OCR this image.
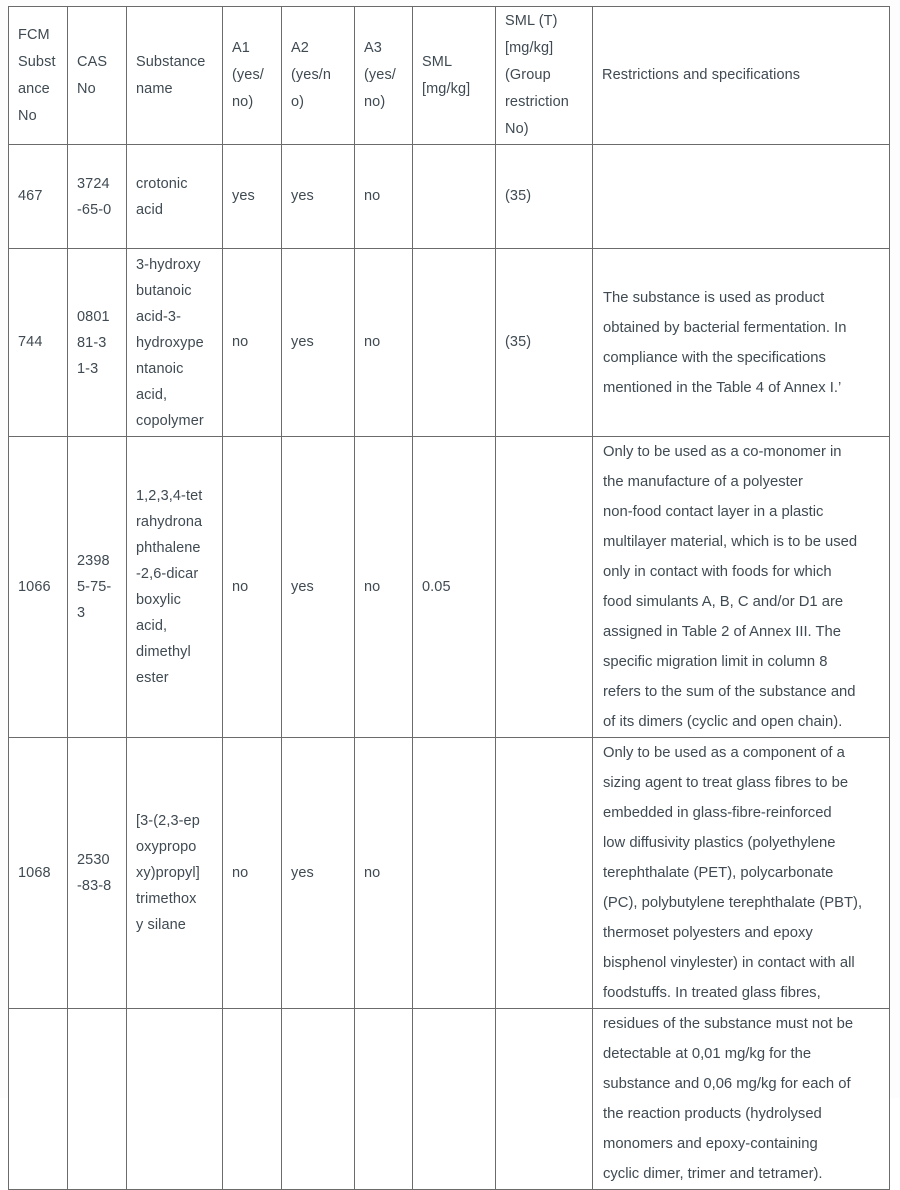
FCM
Subst
ance
No

CAS
No

Substance
name

A1
(yes/
no)

A2
(yes/n
o)

A3
(yes/
no)

SML
[mg/kg]

SML (T)
[mg/kg]
(Group
restriction
No)

Restrictions and specifications

467

3724
-65-0

crotonic
acid

yes	yes	no		(35)

744

0801
81-3
1-3

3-hydroxy
butanoic
acid-3-
hydroxype
ntanoic
acid,
copolymer

no	yes	no		(35)

The substance is used as product
obtained by bacterial fermentation. In
compliance with the specifications
mentioned in the Table 4 of Annex I.’

1066

2398
5-75-
3

1,2,3,4-tet
rahydrona
phthalene
-2,6-dicar
boxylic
acid,
dimethyl
ester

no	yes	no	0.05

Only to be used as a co-monomer in
the manufacture of a polyester
non-food contact layer in a plastic
multilayer material, which is to be used
only in contact with foods for which
food simulants A, B, C and/or D1 are
assigned in Table 2 of Annex III. The
specific migration limit in column 8
refers to the sum of the substance and
of its dimers (cyclic and open chain).

1068

2530
-83-8

[3-(2,3-ep
oxypropo
xy)propyl]
trimethox
y silane

no	yes	no

Only to be used as a component of a
sizing agent to treat glass fibres to be
embedded in glass-fibre-reinforced
low diffusivity plastics (polyethylene
terephthalate (PET), polycarbonate
(PC), polybutylene terephthalate (PBT),
thermoset polyesters and epoxy
bisphenol vinylester) in contact with all
foodstuffs. In treated glass fibres,

residues of the substance must not be
detectable at 0,01 mg/kg for the
substance and 0,06 mg/kg for each of
the reaction products (hydrolysed
monomers and epoxy-containing
cyclic dimer, trimer and tetramer).
